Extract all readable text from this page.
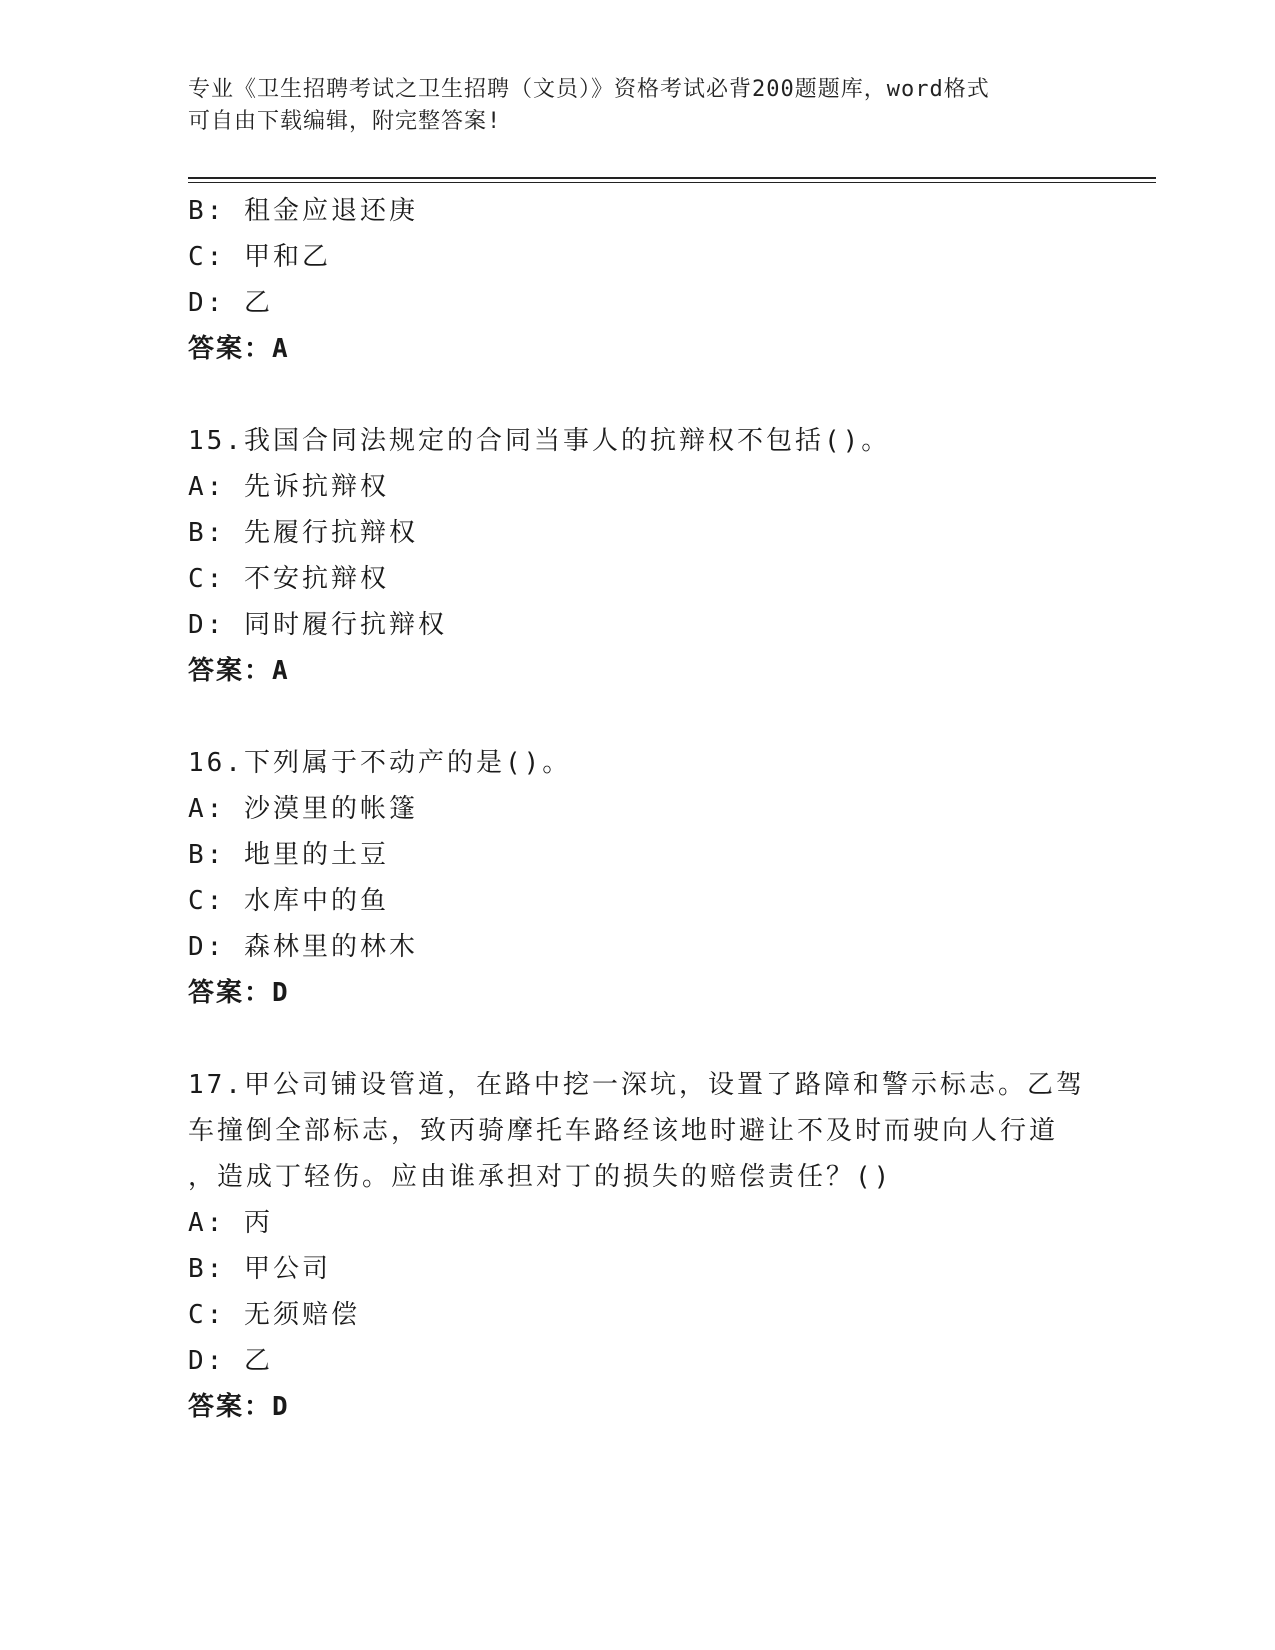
专业《卫生招聘考试之卫生招聘（文员）》资格考试必背200题题库，word格式
可自由下载编辑，附完整答案!
B: 租金应退还庚
C: 甲和乙
D: 乙
答案：A
15.我国合同法规定的合同当事人的抗辩权不包括()。
A: 先诉抗辩权
B: 先履行抗辩权
C: 不安抗辩权
D: 同时履行抗辩权
答案：A
16.下列属于不动产的是()。
A: 沙漠里的帐篷
B: 地里的土豆
C: 水库中的鱼
D: 森林里的林木
答案：D
17.甲公司铺设管道，在路中挖一深坑，设置了路障和警示标志。乙驾
车撞倒全部标志，致丙骑摩托车路经该地时避让不及时而驶向人行道
，造成丁轻伤。应由谁承担对丁的损失的赔偿责任？()
A: 丙
B: 甲公司
C: 无须赔偿
D: 乙
答案：D
